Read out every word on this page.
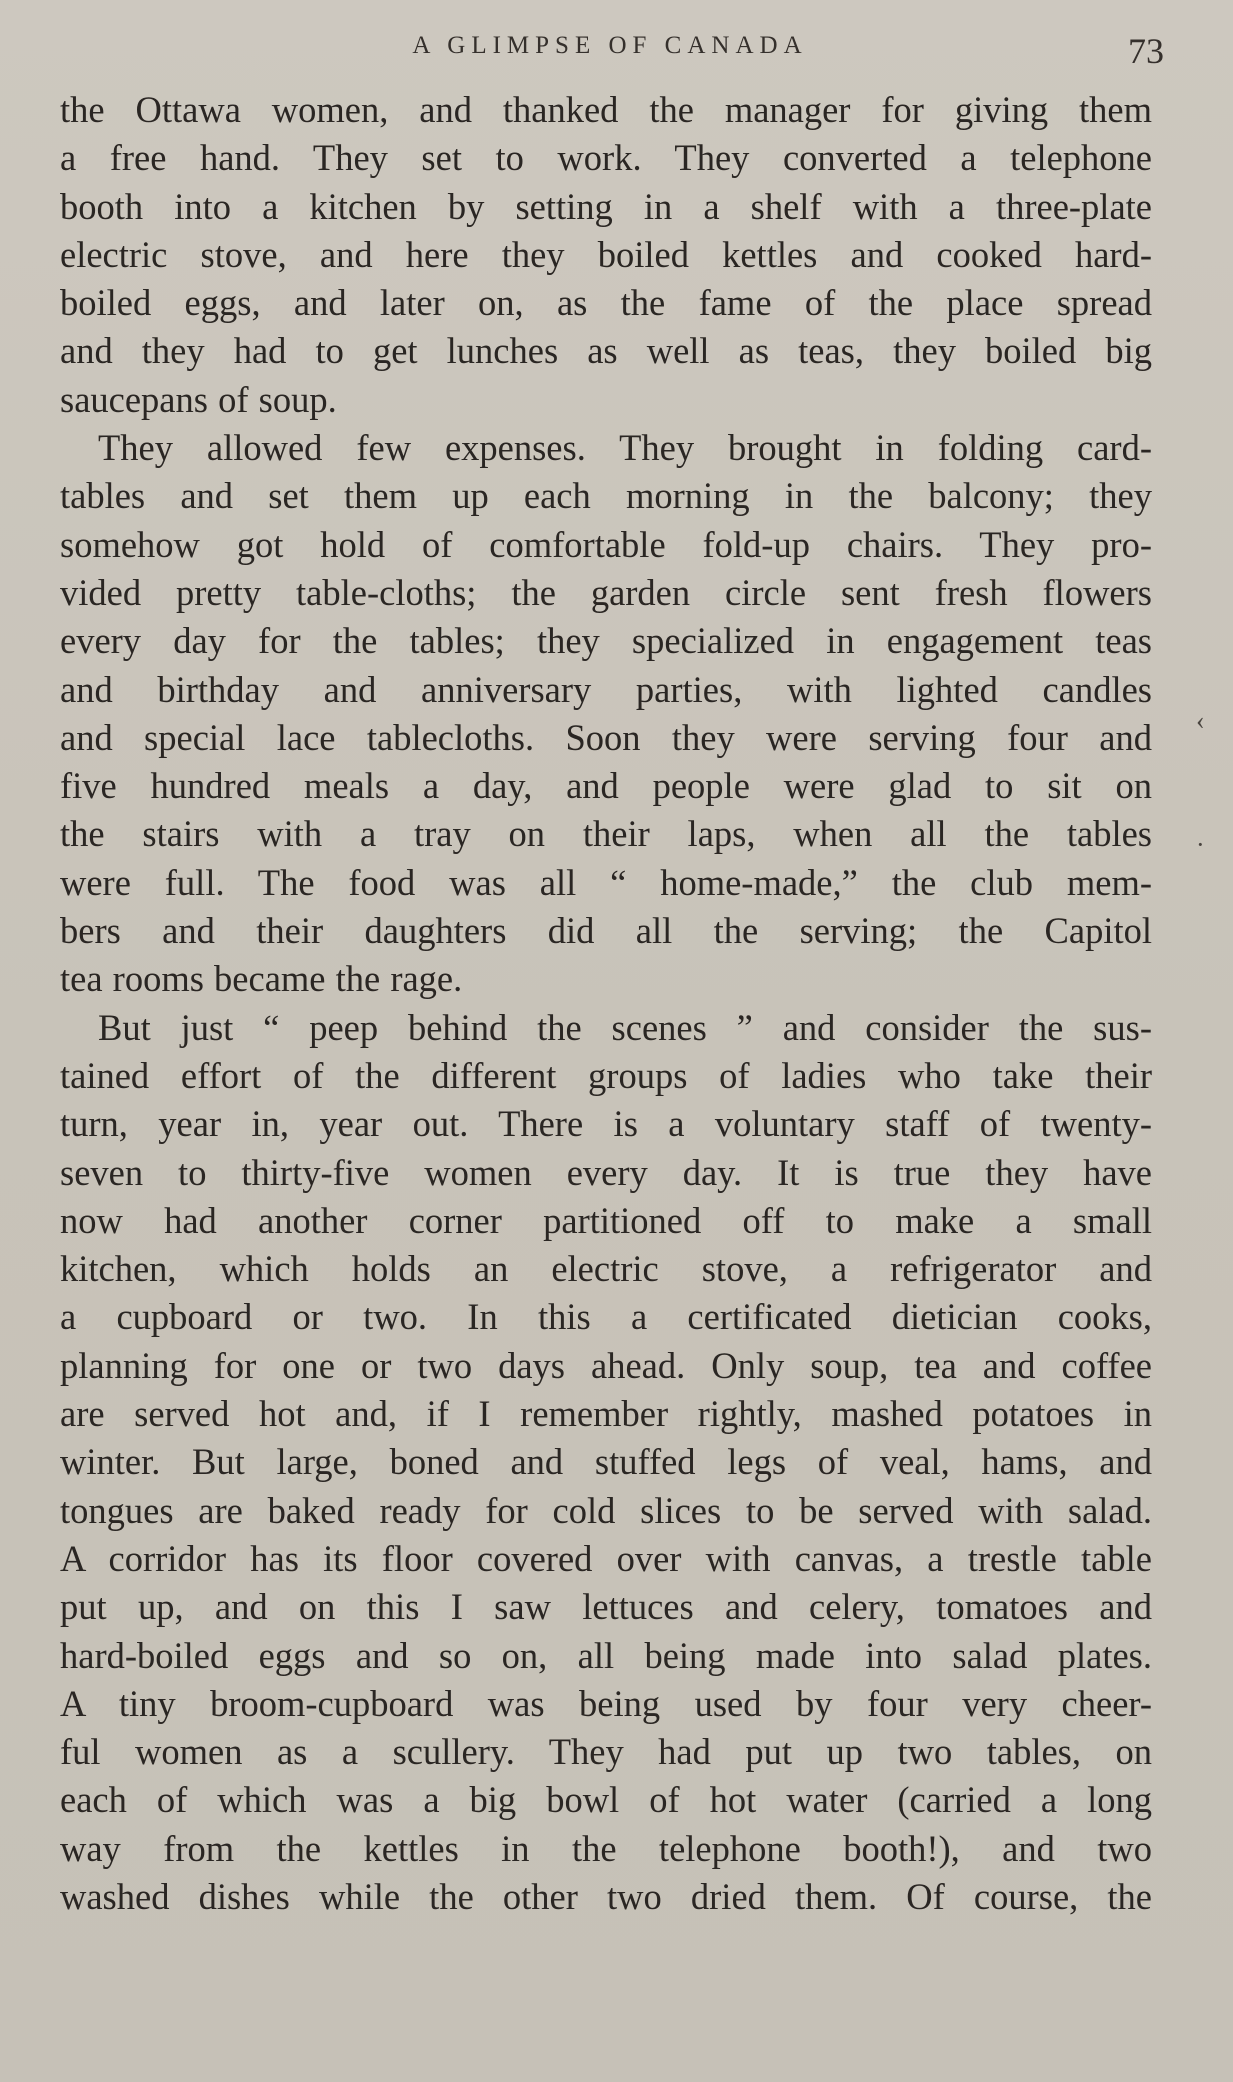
A GLIMPSE OF CANADA	73
the Ottawa women, and thanked the manager for giving them
a free hand. They set to work. They converted a telephone
booth into a kitchen by setting in a shelf with a three-plate
electric stove, and here they boiled kettles and cooked hard-
boiled eggs, and later on, as the fame of the place spread
and they had to get lunches as well as teas, they boiled big
saucepans of soup.
They allowed few expenses. They brought in folding card-
tables and set them up each morning in the balcony; they
somehow got hold of comfortable fold-up chairs. They pro-
vided pretty table-cloths; the garden circle sent fresh flowers
every day for the tables; they specialized in engagement teas
and birthday and anniversary parties, with lighted candles
and special lace tablecloths. Soon they were serving four and
five hundred meals a day, and people were glad to sit on
the stairs with a tray on their laps, when all the tables
were full. The food was all “ home-made,” the club mem-
bers and their daughters did all the serving; the Capitol
tea rooms became the rage.
But just “ peep behind the scenes ” and consider the sus-
tained effort of the different groups of ladies who take their
turn, year in, year out. There is a voluntary staff of twenty-
seven to thirty-five women every day. It is true they have
now had another corner partitioned off to make a small
kitchen, which holds an electric stove, a refrigerator and
a cupboard or two. In this a certificated dietician cooks,
planning for one or two days ahead. Only soup, tea and coffee
are served hot and, if I remember rightly, mashed potatoes in
winter. But large, boned and stuffed legs of veal, hams, and
tongues are baked ready for cold slices to be served with salad.
A corridor has its floor covered over with canvas, a trestle table
put up, and on this I saw lettuces and celery, tomatoes and
hard-boiled eggs and so on, all being made into salad plates.
A tiny broom-cupboard was being used by four very cheer-
ful women as a scullery. They had put up two tables, on
each of which was a big bowl of hot water (carried a long
way from the kettles in the telephone booth!), and two
washed dishes while the other two dried them. Of course, the
‹
·
